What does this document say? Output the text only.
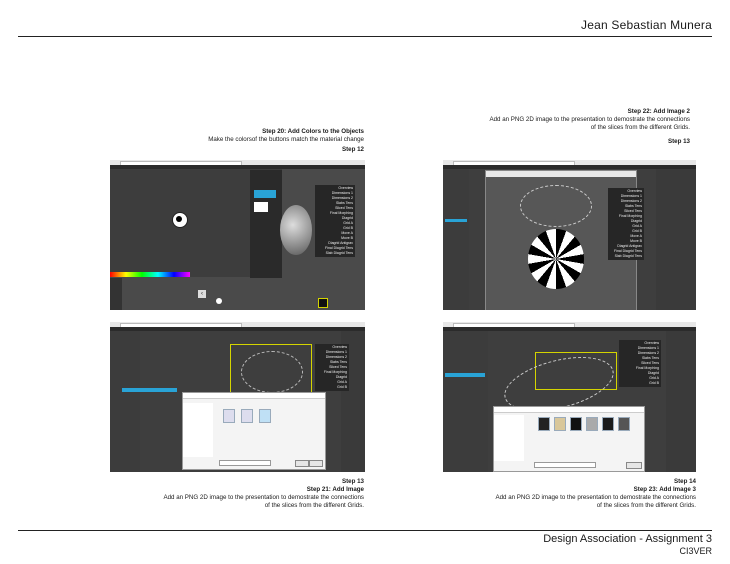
Jean Sebastian Munera
Step 20: Add Colors to the Objects
Make the colorsof the buttons match the material change
Step 12
Step 22: Add Image 2
Add an PNG 2D image to the presentation to demostrate the connections
of the slices from the different Grids.
Step 13
Overview
Dimensions 1
Dimensions 2
Slabs Tens
Sliced Tens
Final Morphing
Diagrid
Grid A
Grid B
Move A
Move B
Diagrid Antigrav
Final Diagrid Tens
Slab Diagrid Tens
‹
Overview
Dimensions 1
Dimensions 2
Slabs Tens
Sliced Tens
Final Morphing
Diagrid
Grid A
Grid B
Move A
Move B
Diagrid Antigrav
Final Diagrid Tens
Slab Diagrid Tens
Overview
Dimensions 1
Dimensions 2
Slabs Tens
Sliced Tens
Final Morphing
Diagrid
Grid A
Grid B
Overview
Dimensions 1
Dimensions 2
Slabs Tens
Sliced Tens
Final Morphing
Diagrid
Grid A
Grid B
Step 13
Step 21: Add Image
Add an PNG 2D image to the presentation to demostrate the connections
of the slices from the different Grids.
Step 14
Step 23: Add Image 3
Add an PNG 2D image to the presentation to demostrate the connections
of the slices from the different Grids.
Design Association - Assignment 3
CI3VER
